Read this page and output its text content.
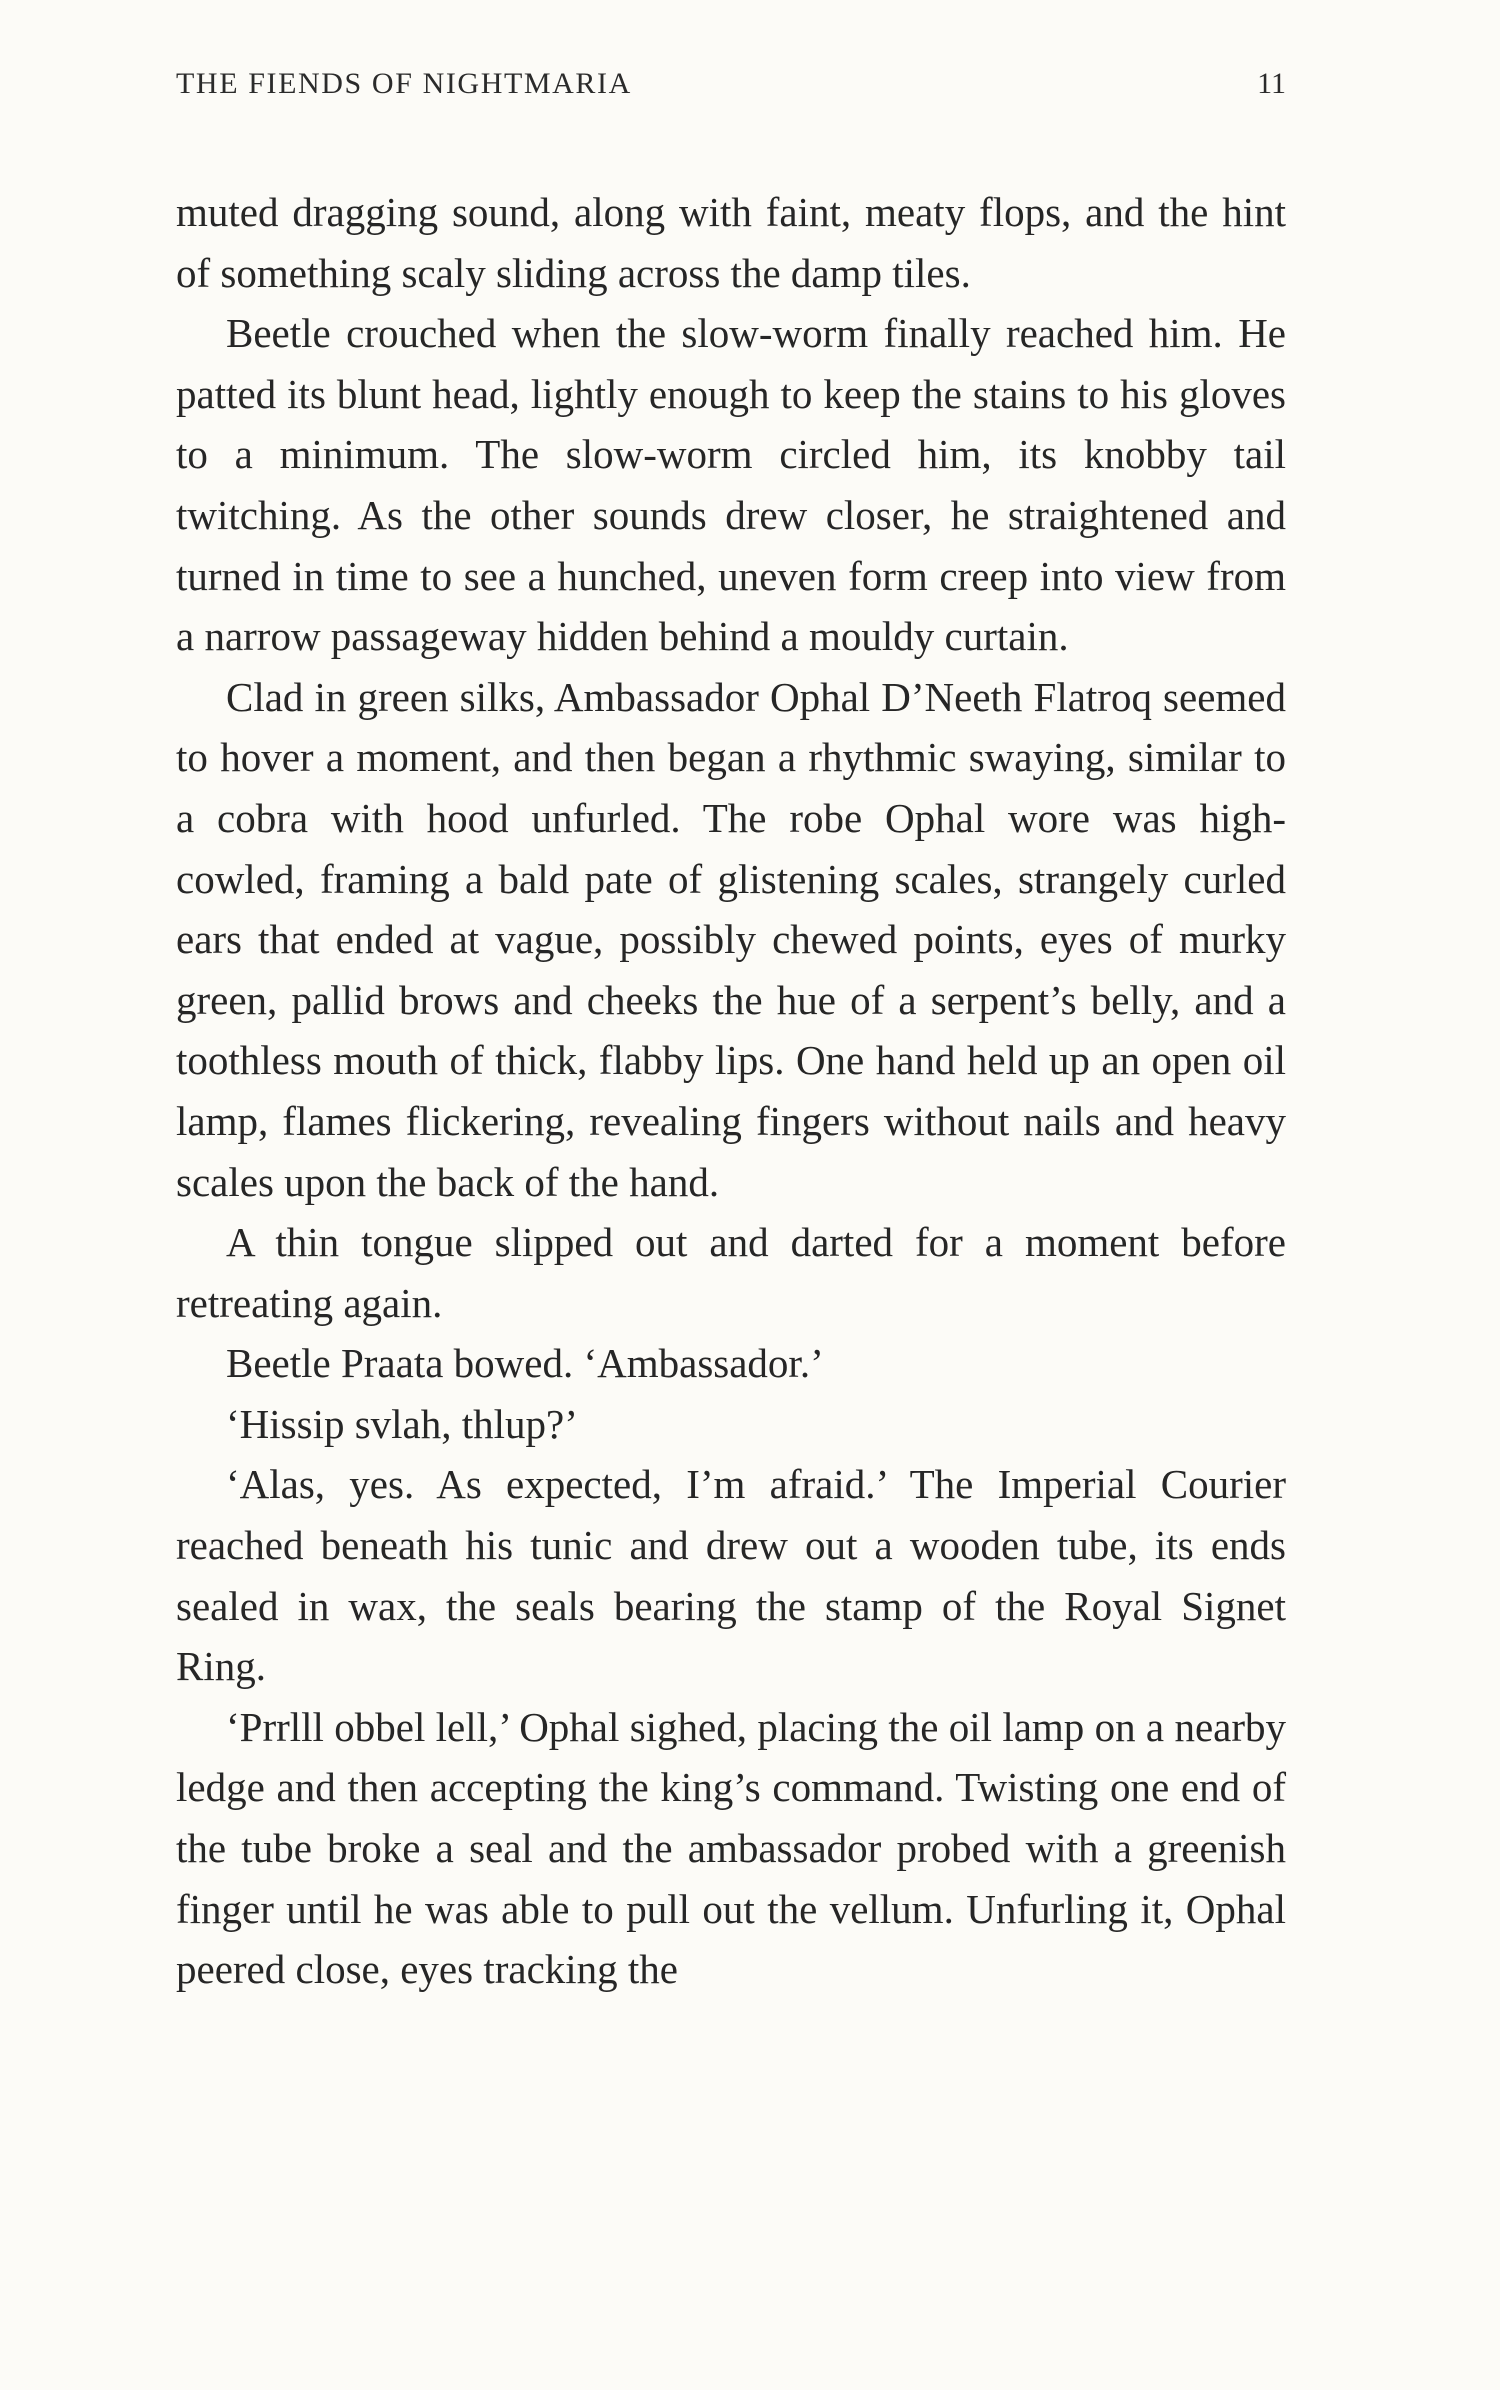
THE FIENDS OF NIGHTMARIA	11

muted dragging sound, along with faint, meaty flops, and the hint of something scaly sliding across the damp tiles.

Beetle crouched when the slow-worm finally reached him. He patted its blunt head, lightly enough to keep the stains to his gloves to a minimum. The slow-worm circled him, its knobby tail twitching. As the other sounds drew closer, he straightened and turned in time to see a hunched, uneven form creep into view from a narrow passageway hidden behind a mouldy curtain.

Clad in green silks, Ambassador Ophal D’Neeth Flatroq seemed to hover a moment, and then began a rhythmic swaying, similar to a cobra with hood unfurled. The robe Ophal wore was high-cowled, framing a bald pate of glistening scales, strangely curled ears that ended at vague, possibly chewed points, eyes of murky green, pallid brows and cheeks the hue of a serpent’s belly, and a toothless mouth of thick, flabby lips. One hand held up an open oil lamp, flames flickering, revealing fingers without nails and heavy scales upon the back of the hand.

A thin tongue slipped out and darted for a moment before retreating again.

Beetle Praata bowed. ‘Ambassador.’

‘Hissip svlah, thlup?’

‘Alas, yes. As expected, I’m afraid.’ The Imperial Courier reached beneath his tunic and drew out a wooden tube, its ends sealed in wax, the seals bearing the stamp of the Royal Signet Ring.

‘Prrlll obbel lell,’ Ophal sighed, placing the oil lamp on a nearby ledge and then accepting the king’s command. Twisting one end of the tube broke a seal and the ambassador probed with a greenish finger until he was able to pull out the vellum. Unfurling it, Ophal peered close, eyes tracking the
